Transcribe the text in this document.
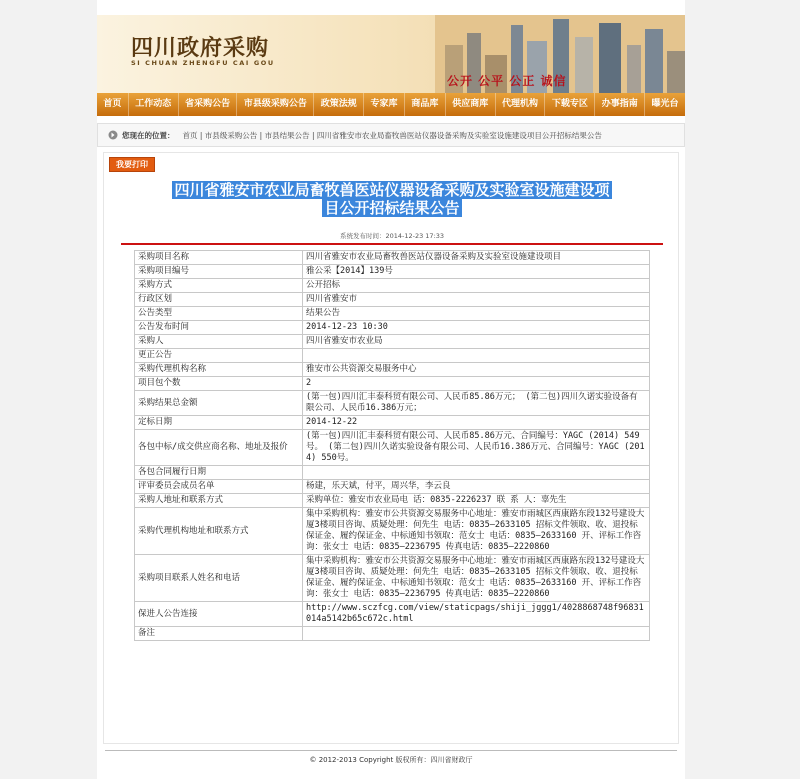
四川政府采购
SI CHUAN ZHENGFU CAI GOU
公开 公平 公正 诚信
首页	工作动态	省采购公告	市县级采购公告	政策法规	专家库	商品库	供应商库	代理机构	下载专区	办事指南	曝光台
您现在的位置： 首页 | 市县级采购公告 | 市县结果公告 | 四川省雅安市农业局畜牧兽医站仪器设备采购及实验室设施建设项目公开招标结果公告
我要打印
四川省雅安市农业局畜牧兽医站仪器设备采购及实验室设施建设项
目公开招标结果公告
系统发布时间：2014-12-23 17:33
采购项目名称	四川省雅安市农业局畜牧兽医站仪器设备采购及实验室设施建设项目
采购项目编号	雅公采【2014】139号
采购方式	公开招标
行政区划	四川省雅安市
公告类型	结果公告
公告发布时间	2014-12-23 10:30
采购人	四川省雅安市农业局
更正公告	
采购代理机构名称	雅安市公共资源交易服务中心
项目包个数	2
采购结果总金额	(第一包)四川汇丰泰科贸有限公司、人民币85.86万元； (第二包)四川久诺实验设备有限公司、人民币16.386万元；
定标日期	2014-12-22
各包中标/成交供应商名称、地址及报价	(第一包)四川汇丰泰科贸有限公司、人民币85.86万元、合同编号：YAGC (2014) 549号。 (第二包)四川久诺实验设备有限公司、人民币16.386万元、合同编号：YAGC (2014) 550号。
各包合同履行日期	
评审委员会成员名单	杨建，乐天斌，付平，周兴华，李云良
采购人地址和联系方式	采购单位：雅安市农业局电 话：0835-2226237 联 系 人：辜先生
采购代理机构地址和联系方式	集中采购机构：雅安市公共资源交易服务中心地址：雅安市雨城区西康路东段132号建设大厦3楼项目咨询、质疑处理：何先生 电话：0835—2633105 招标文件领取、收、退投标保证金、履约保证金、中标通知书领取：范女士 电话：0835—2633160 开、评标工作咨询：张女士 电话：0835—2236795 传真电话：0835—2220860
采购项目联系人姓名和电话	集中采购机构：雅安市公共资源交易服务中心地址：雅安市雨城区西康路东段132号建设大厦3楼项目咨询、质疑处理：何先生 电话：0835—2633105 招标文件领取、收、退投标保证金、履约保证金、中标通知书领取：范女士 电话：0835—2633160 开、评标工作咨询：张女士 电话：0835—2236795 传真电话：0835—2220860
保进人公告连接	http://www.sczfcg.com/view/staticpags/shiji_jggg1/4028868748f96831014a5142b65c672c.html
备注	
© 2012-2013 Copyright 版权所有：四川省财政厅
